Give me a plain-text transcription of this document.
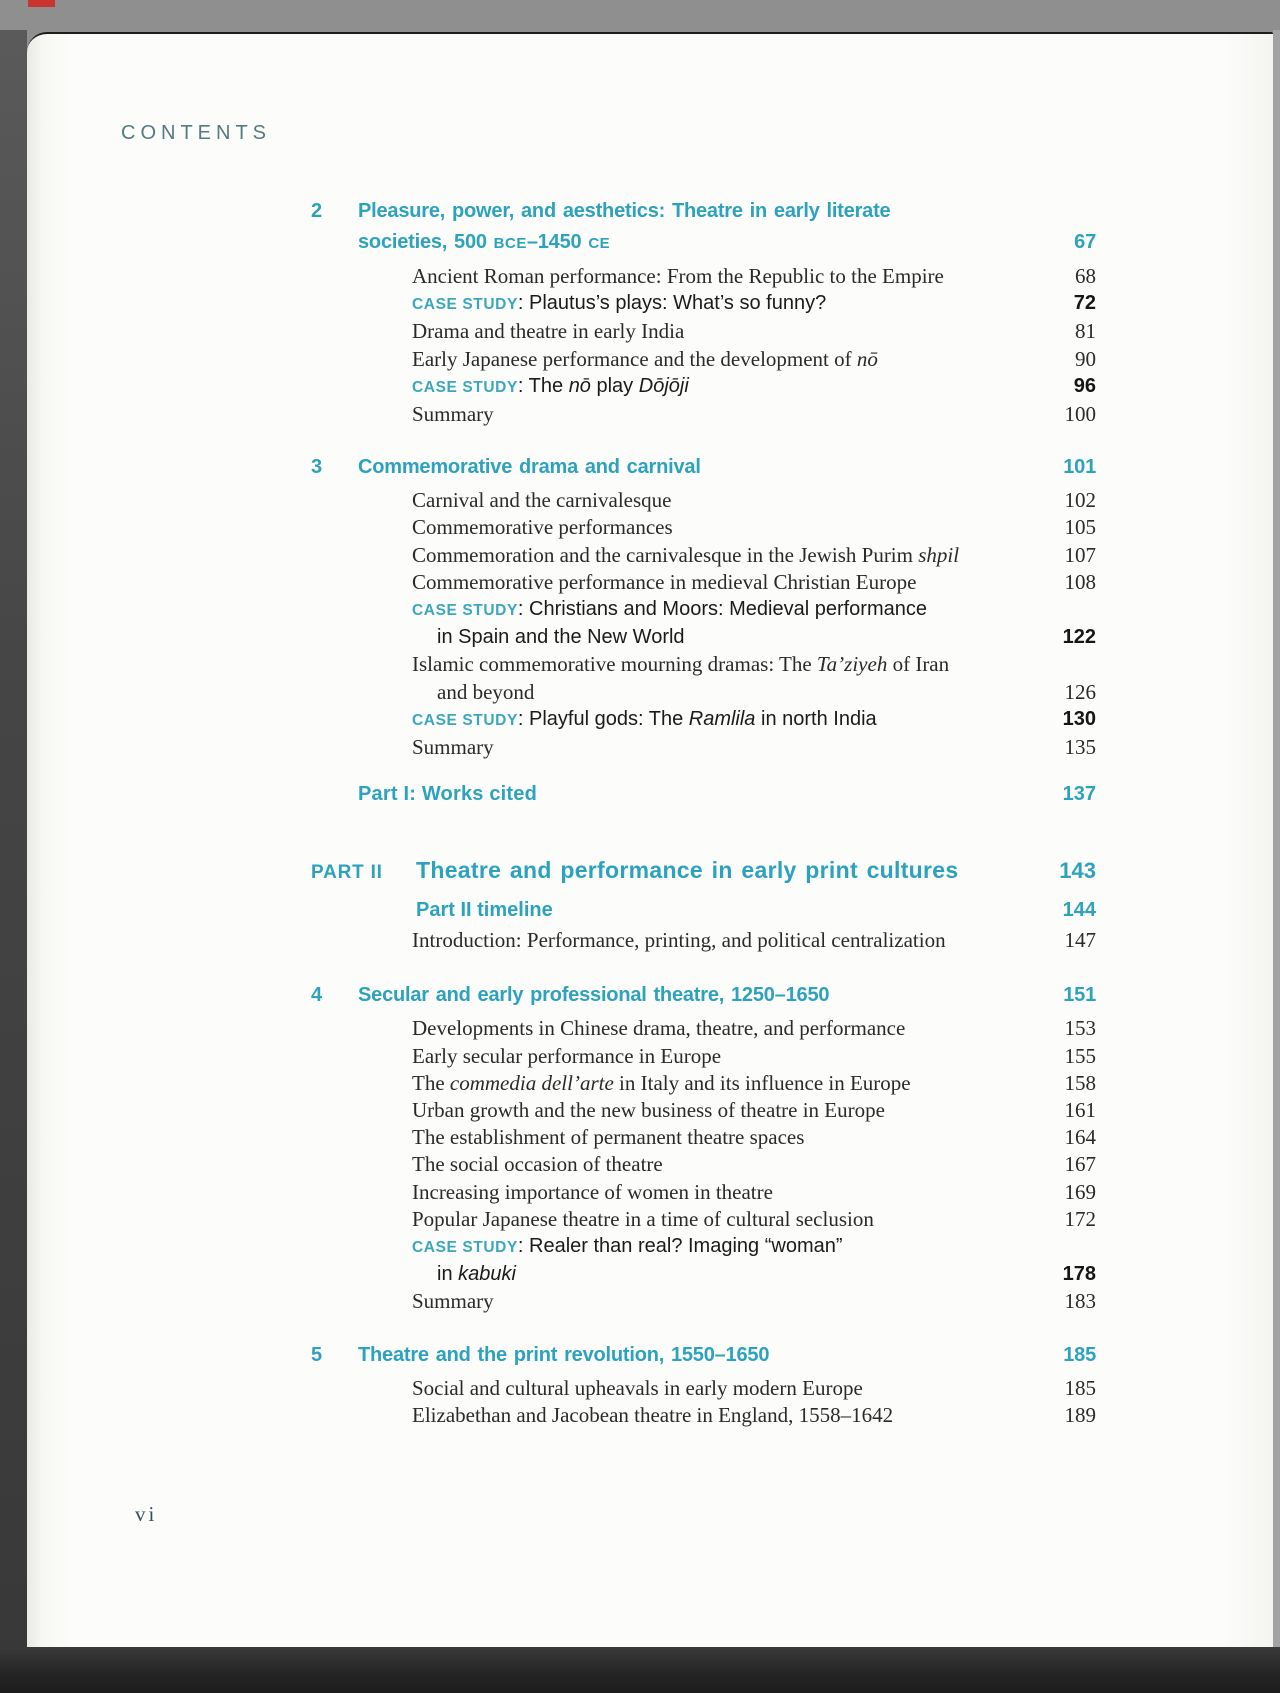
CONTENTS
2	Pleasure, power, and aesthetics: Theatre in early literate
societies, 500 BCE–1450 CE	67
Ancient Roman performance: From the Republic to the Empire	68
CASE STUDY: Plautus’s plays: What’s so funny?	72
Drama and theatre in early India	81
Early Japanese performance and the development of nō	90
CASE STUDY: The nō play Dōjōji	96
Summary	100
3	Commemorative drama and carnival	101
Carnival and the carnivalesque	102
Commemorative performances	105
Commemoration and the carnivalesque in the Jewish Purim shpil	107
Commemorative performance in medieval Christian Europe	108
CASE STUDY: Christians and Moors: Medieval performance
in Spain and the New World	122
Islamic commemorative mourning dramas: The Ta’ziyeh of Iran
and beyond	126
CASE STUDY: Playful gods: The Ramlila in north India	130
Summary	135
Part I: Works cited	137
PART II	Theatre and performance in early print cultures	143
Part II timeline	144
Introduction: Performance, printing, and political centralization	147
4	Secular and early professional theatre, 1250–1650	151
Developments in Chinese drama, theatre, and performance	153
Early secular performance in Europe	155
The commedia dell’arte in Italy and its influence in Europe	158
Urban growth and the new business of theatre in Europe	161
The establishment of permanent theatre spaces	164
The social occasion of theatre	167
Increasing importance of women in theatre	169
Popular Japanese theatre in a time of cultural seclusion	172
CASE STUDY: Realer than real? Imaging “woman”
in kabuki	178
Summary	183
5	Theatre and the print revolution, 1550–1650	185
Social and cultural upheavals in early modern Europe	185
Elizabethan and Jacobean theatre in England, 1558–1642	189
vi
